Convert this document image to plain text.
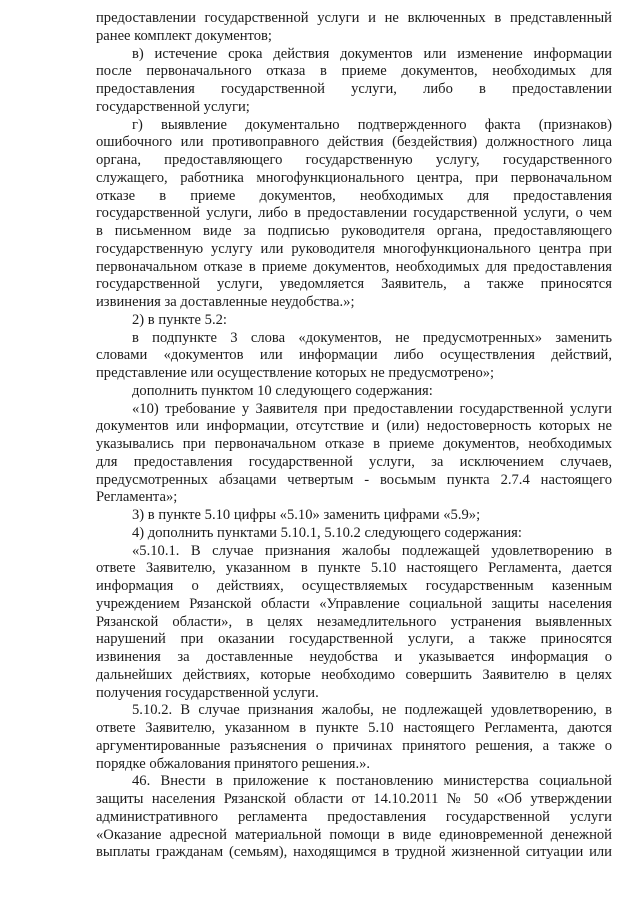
предоставлении государственной услуги и не включенных в представленный
ранее комплект документов;
в) истечение срока действия документов или изменение информации
после первоначального отказа в приеме документов, необходимых для
предоставления государственной услуги, либо в предоставлении
государственной услуги;
г) выявление документально подтвержденного факта (признаков)
ошибочного или противоправного действия (бездействия) должностного лица
органа, предоставляющего государственную услугу, государственного
служащего, работника многофункционального центра, при первоначальном
отказе в приеме документов, необходимых для предоставления
государственной услуги, либо в предоставлении государственной услуги, о чем
в письменном виде за подписью руководителя органа, предоставляющего
государственную услугу или руководителя многофункционального центра при
первоначальном отказе в приеме документов, необходимых для предоставления
государственной услуги, уведомляется Заявитель, а также приносятся
извинения за доставленные неудобства.»;
2) в пункте 5.2:
в подпункте 3 слова «документов, не предусмотренных» заменить
словами «документов или информации либо осуществления действий,
представление или осуществление которых не предусмотрено»;
дополнить пунктом 10 следующего содержания:
«10) требование у Заявителя при предоставлении государственной услуги
документов или информации, отсутствие и (или) недостоверность которых не
указывались при первоначальном отказе в приеме документов, необходимых
для предоставления государственной услуги, за исключением случаев,
предусмотренных абзацами четвертым - восьмым пункта 2.7.4 настоящего
Регламента»;
3) в пункте 5.10 цифры «5.10» заменить цифрами «5.9»;
4) дополнить пунктами 5.10.1, 5.10.2 следующего содержания:
«5.10.1. В случае признания жалобы подлежащей удовлетворению в
ответе Заявителю, указанном в пункте 5.10 настоящего Регламента, дается
информация о действиях, осуществляемых государственным казенным
учреждением Рязанской области «Управление социальной защиты населения
Рязанской области», в целях незамедлительного устранения выявленных
нарушений при оказании государственной услуги, а также приносятся
извинения за доставленные неудобства и указывается информация о
дальнейших действиях, которые необходимо совершить Заявителю в целях
получения государственной услуги.
5.10.2. В случае признания жалобы, не подлежащей удовлетворению, в
ответе Заявителю, указанном в пункте 5.10 настоящего Регламента, даются
аргументированные разъяснения о причинах принятого решения, а также о
порядке обжалования принятого решения.».
46. Внести в приложение к постановлению министерства социальной
защиты населения Рязанской области от 14.10.2011 № 50 «Об утверждении
административного регламента предоставления государственной услуги
«Оказание адресной материальной помощи в виде единовременной денежной
выплаты гражданам (семьям), находящимся в трудной жизненной ситуации или
